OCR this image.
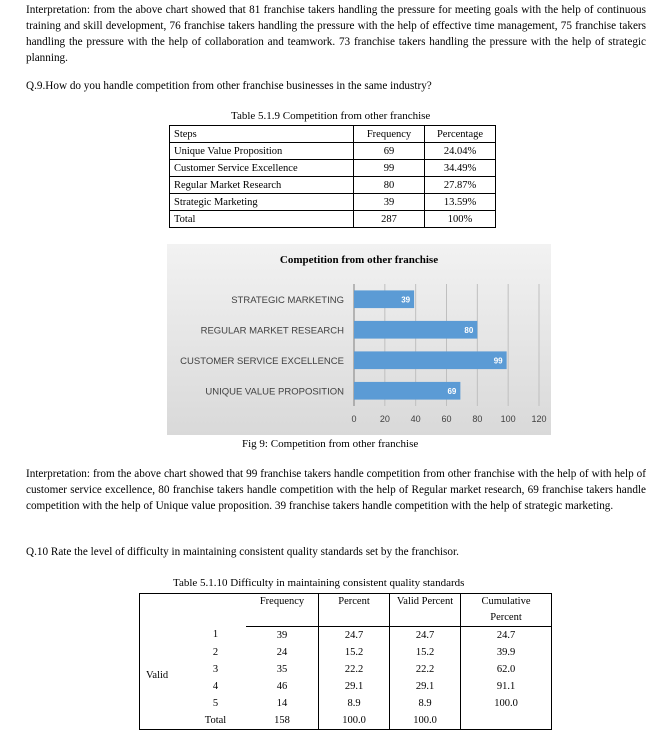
Interpretation: from the above chart showed that 81 franchise takers handling the pressure for meeting goals with the help of continuous training and skill development, 76 franchise takers handling the pressure with the help of effective time management, 75 franchise takers handling the pressure with the help of collaboration and teamwork. 73 franchise takers handling the pressure with the help of strategic planning.
Q.9.How do you handle competition from other franchise businesses in the same industry?
Table 5.1.9 Competition from other franchise
Steps	Frequency	Percentage
Unique Value Proposition	69	24.04%
Customer Service Excellence	99	34.49%
Regular Market Research	80	27.87%
Strategic Marketing	39	13.59%
Total	287	100%
Competition from other franchise
0	20 40 60 80 100 120
STRATEGIC MARKETING	39
REGULAR MARKET RESEARCH	80
CUSTOMER SERVICE EXCELLENCE	99
UNIQUE VALUE PROPOSITION	69
Fig 9: Competition from other franchise
Interpretation: from the above chart showed that 99 franchise takers handle competition from other franchise with the help of with help of customer service excellence, 80 franchise takers handle competition with the help of Regular market research, 69 franchise takers handle competition with the help of Unique value proposition. 39 franchise takers handle competition with the help of strategic marketing.
Q.10 Rate the level of difficulty in maintaining consistent quality standards set by the franchisor.
Table 5.1.10 Difficulty in maintaining consistent quality standards
	Frequency	Percent	Valid Percent	Cumulative Percent
1	39	24.7	24.7	24.7
2	24	15.2	15.2	39.9
3	35	22.2	22.2	62.0

Valid
4	46	29.1	29.1	91.1
5	14	8.9	8.9	100.0
Total	158	100.0	100.0	
